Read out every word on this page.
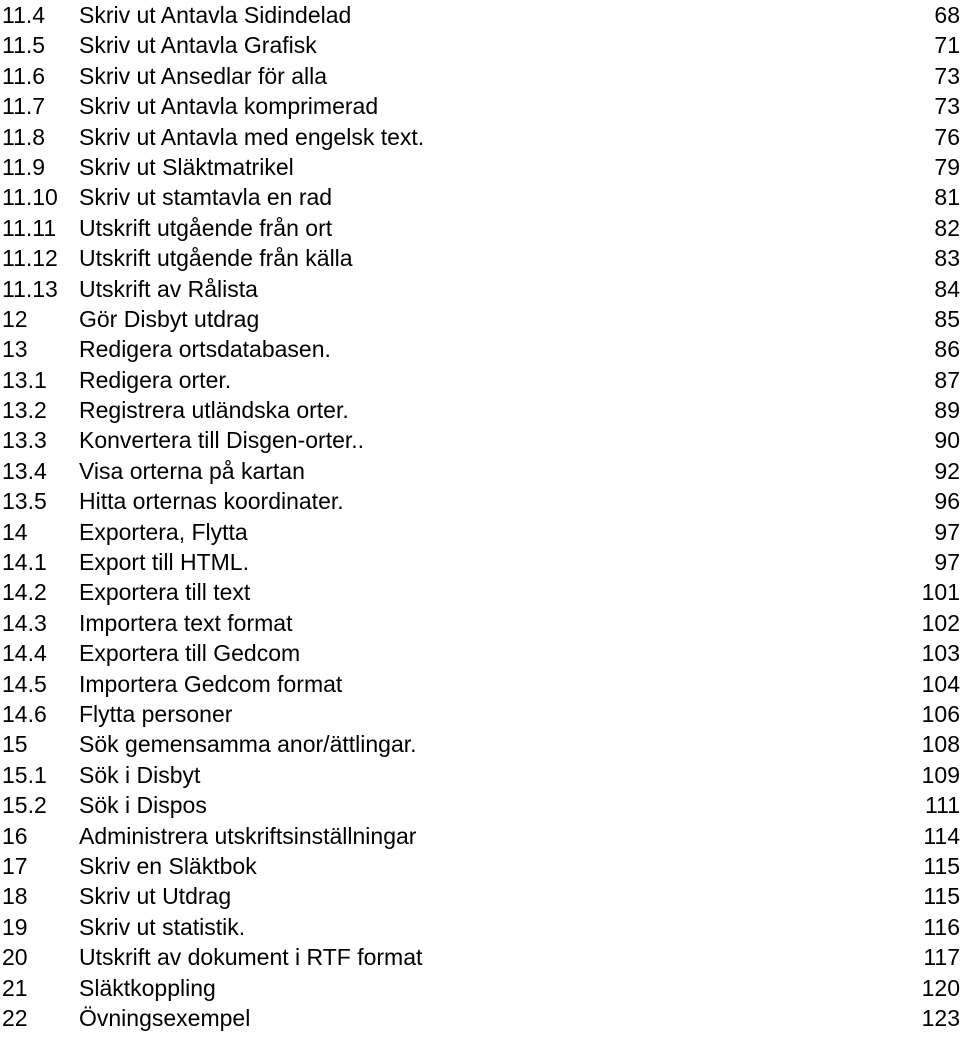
11.4 Skriv ut Antavla Sidindelad	68
11.5 Skriv ut Antavla Grafisk	71
11.6 Skriv ut Ansedlar för alla	73
11.7 Skriv ut Antavla komprimerad	73
11.8 Skriv ut Antavla med engelsk text.	76
11.9 Skriv ut Släktmatrikel	79
11.10 Skriv ut stamtavla en rad	81
11.11 Utskrift utgående från ort	82
11.12 Utskrift utgående från källa	83
11.13 Utskrift av Rålista	84
12 Gör Disbyt utdrag	85
13 Redigera ortsdatabasen.	86
13.1 Redigera orter.	87
13.2 Registrera utländska orter.	89
13.3 Konvertera till Disgen-orter..	90
13.4 Visa orterna på kartan	92
13.5 Hitta orternas koordinater.	96
14 Exportera, Flytta	97
14.1 Export till HTML.	97
14.2 Exportera till text	101
14.3 Importera text format	102
14.4 Exportera till Gedcom	103
14.5 Importera Gedcom format	104
14.6 Flytta personer	106
15 Sök gemensamma anor/ättlingar.	108
15.1 Sök i Disbyt	109
15.2 Sök i Dispos	111
16 Administrera utskriftsinställningar	114
17 Skriv en Släktbok	115
18 Skriv ut Utdrag	115
19 Skriv ut statistik.	116
20 Utskrift av dokument i RTF format	117
21 Släktkoppling	120
22 Övningsexempel	123
